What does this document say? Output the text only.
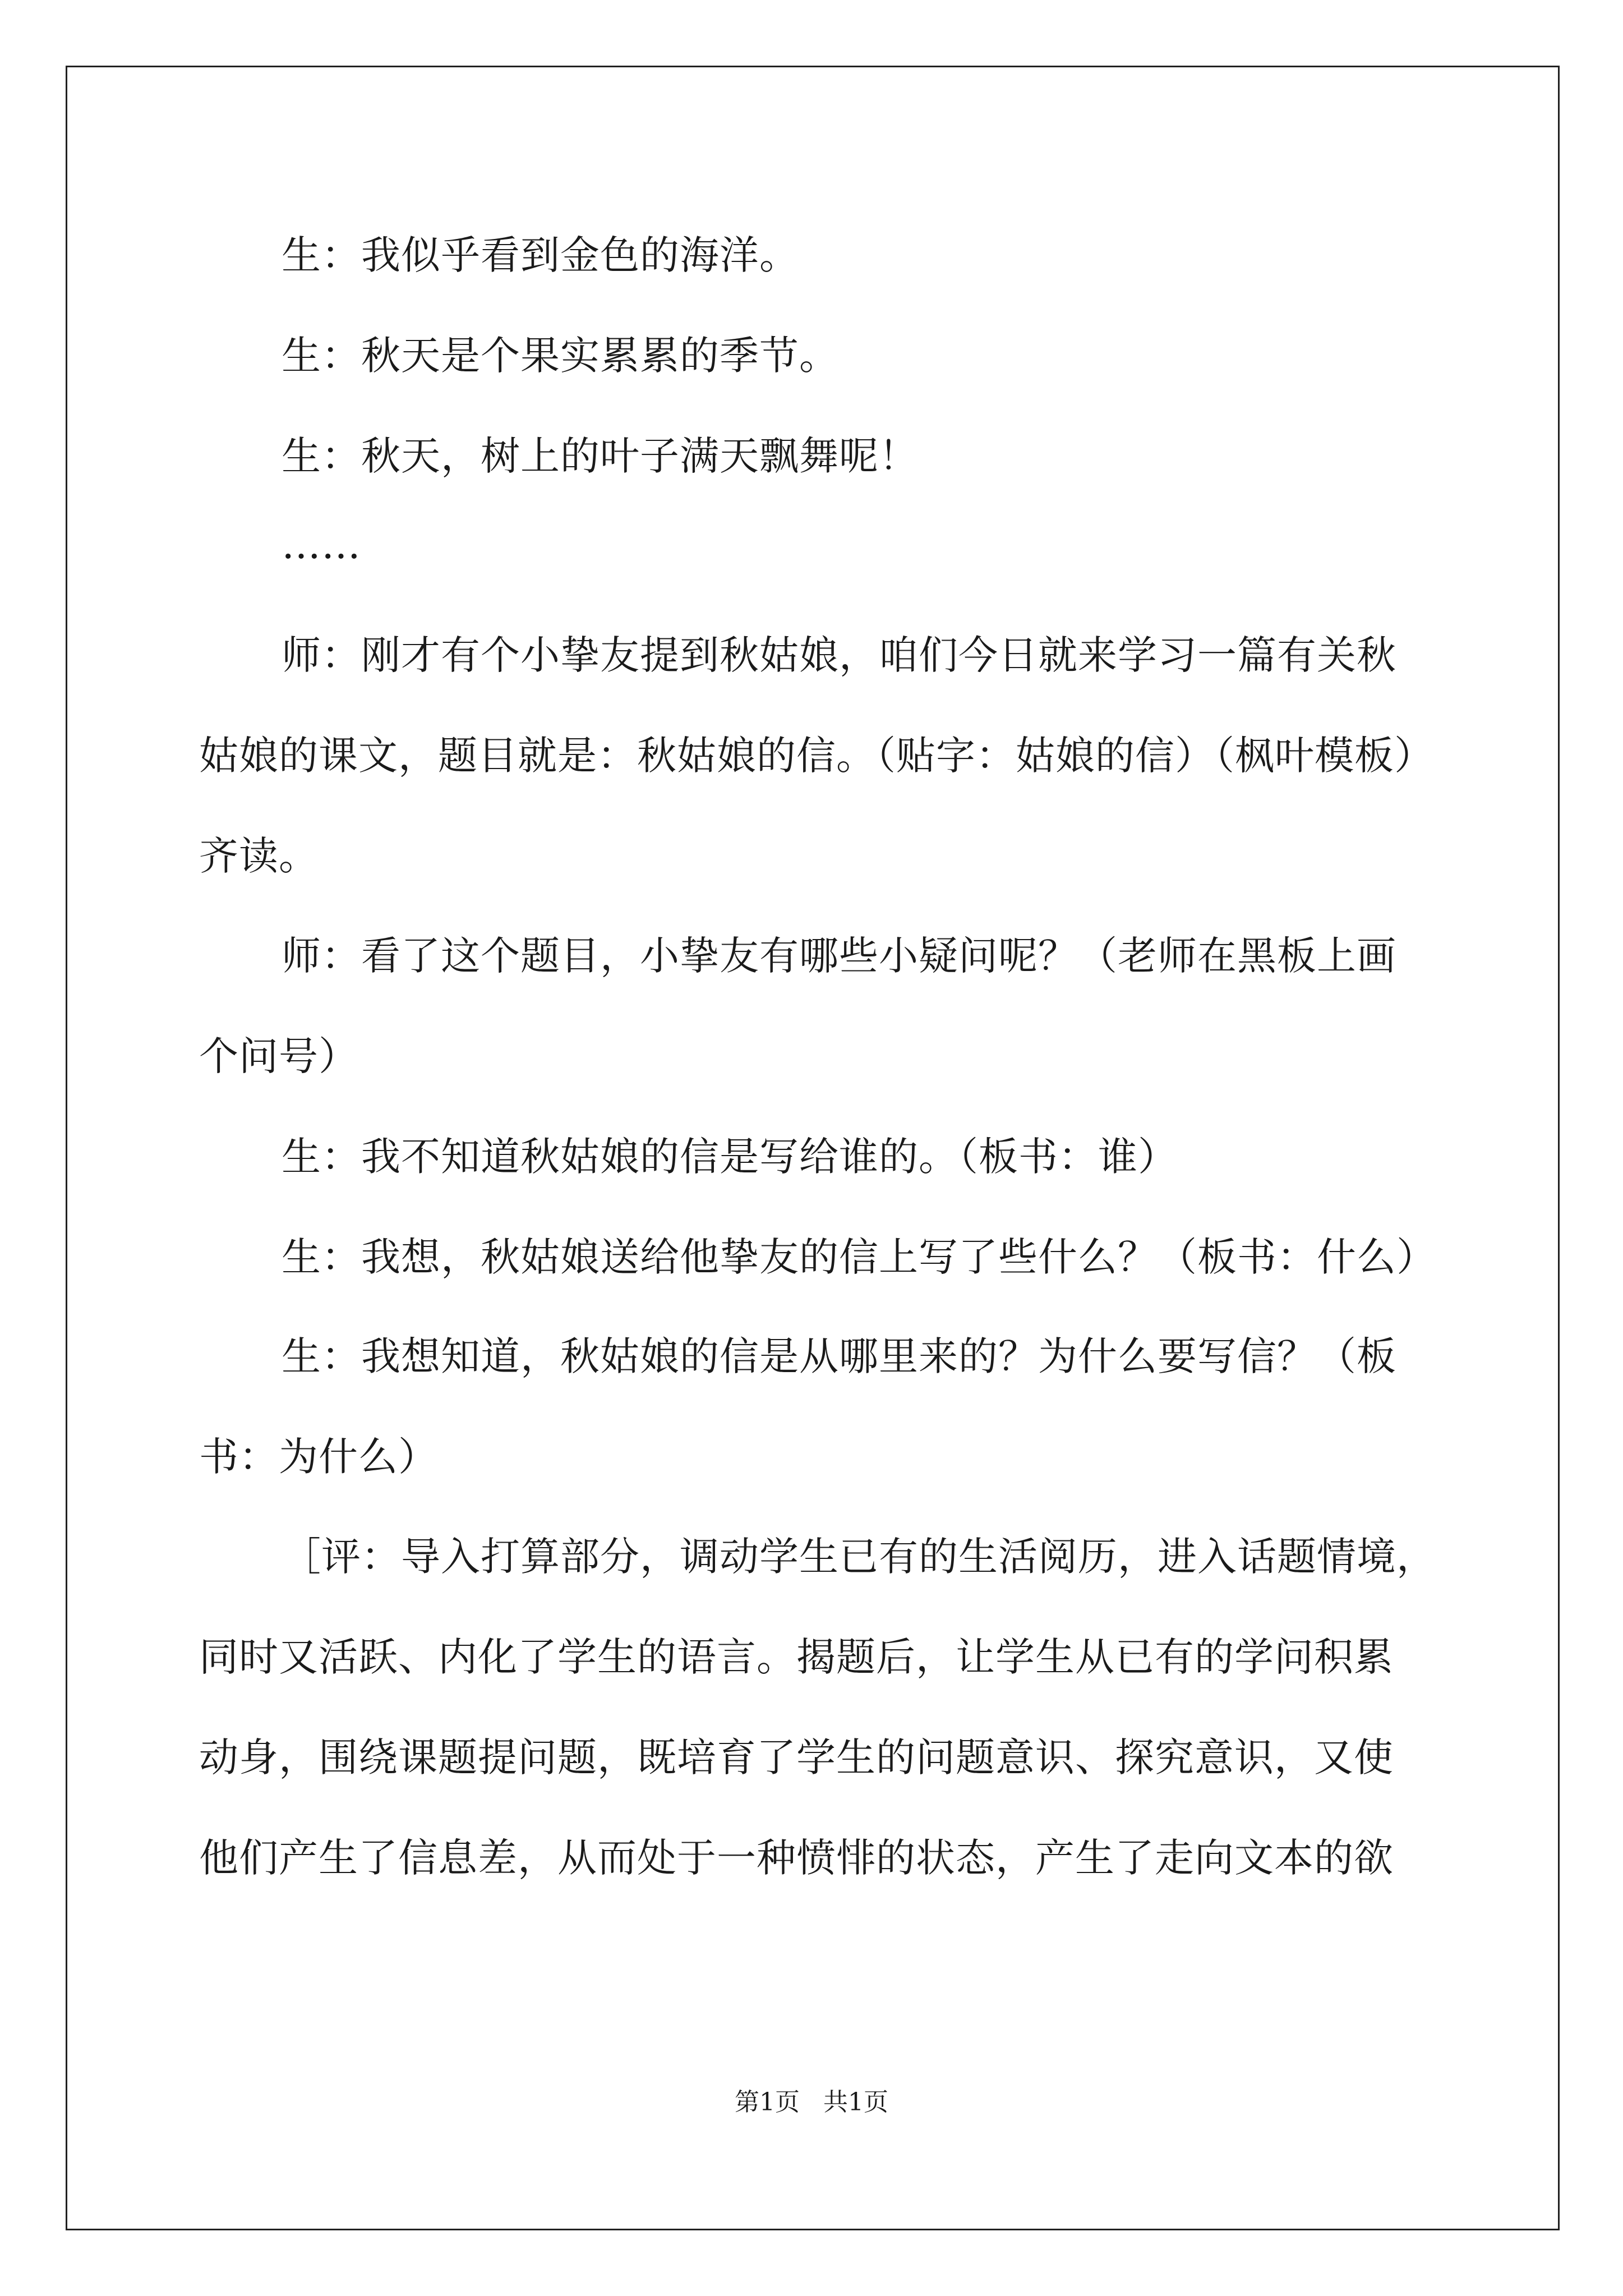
生：我似乎看到金色的海洋。
生：秋天是个果实累累的季节。
生：秋天，树上的叶子满天飘舞呢！
……
师：刚才有个小挚友提到秋姑娘，咱们今日就来学习一篇有关秋
姑娘的课文，题目就是：秋姑娘的信。（贴字：姑娘的信）（枫叶模板）
齐读。
师：看了这个题目，小挚友有哪些小疑问呢？（老师在黑板上画
个问号）
生：我不知道秋姑娘的信是写给谁的。（板书：谁）
生：我想，秋姑娘送给他挚友的信上写了些什么？（板书：什么）
生：我想知道，秋姑娘的信是从哪里来的？为什么要写信？（板
书：为什么）
［评：导入打算部分，调动学生已有的生活阅历，进入话题情境，
同时又活跃、内化了学生的语言。揭题后，让学生从已有的学问积累
动身，围绕课题提问题，既培育了学生的问题意识、探究意识，又使
他们产生了信息差，从而处于一种愤悱的状态，产生了走向文本的欲
第1页   共1页
